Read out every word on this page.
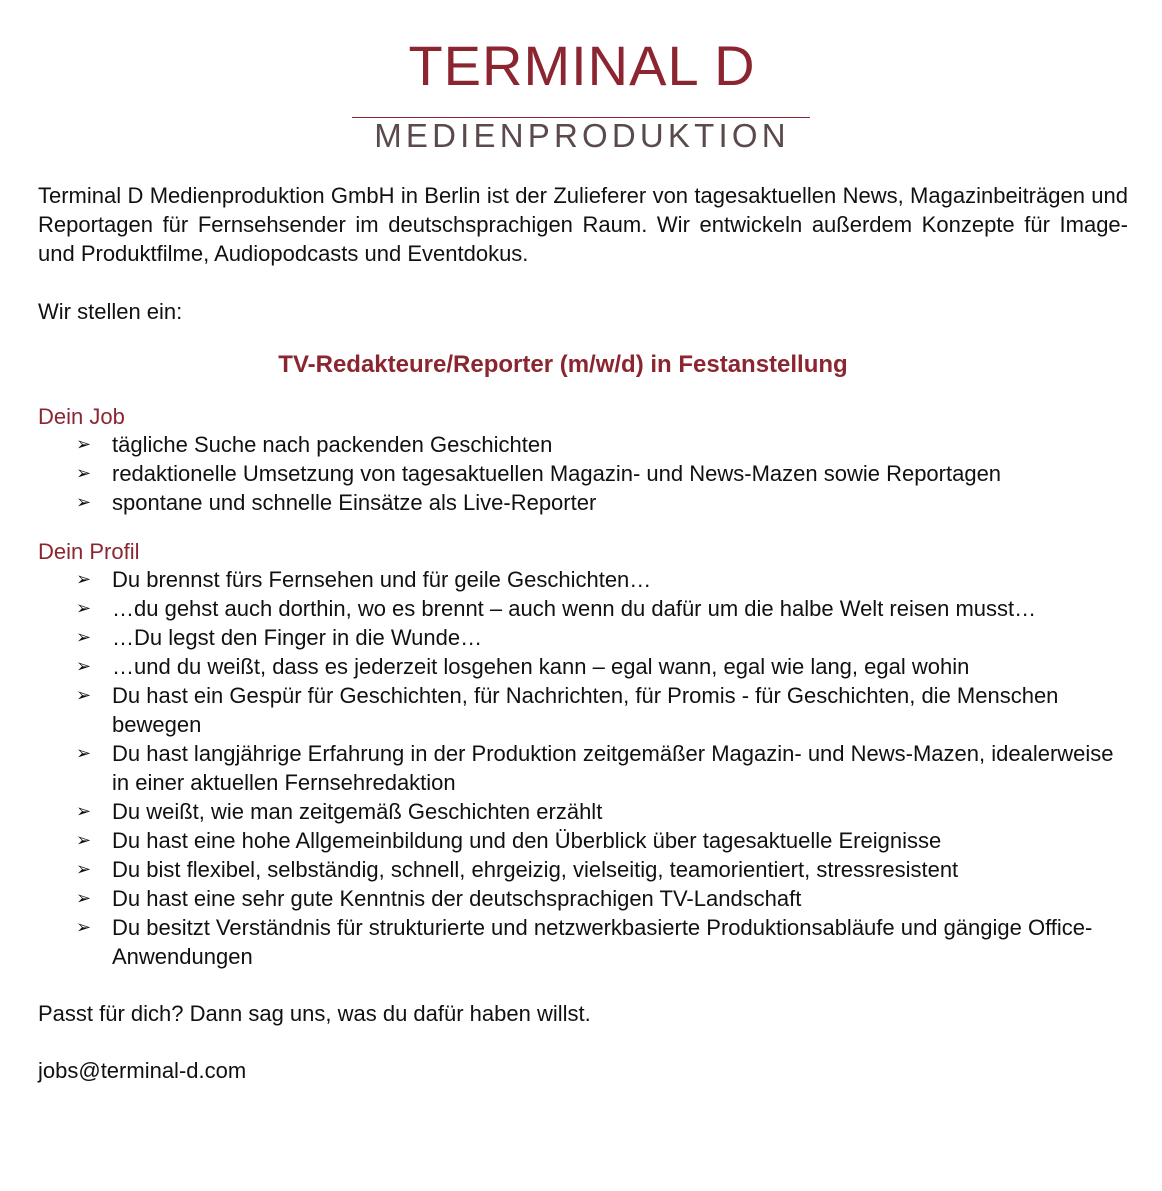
TERMINAL D
MEDIENPRODUKTION

Terminal D Medienproduktion GmbH in Berlin ist der Zulieferer von tagesaktuellen News, Magazinbeiträgen und Reportagen für Fernsehsender im deutschsprachigen Raum. Wir entwickeln außerdem Konzepte für Image- und Produktfilme, Audiopodcasts und Eventdokus.

Wir stellen ein:

TV-Redakteure/Reporter (m/w/d) in Festanstellung
Dein Job
➢ tägliche Suche nach packenden Geschichten
➢ redaktionelle Umsetzung von tagesaktuellen Magazin- und News-Mazen sowie Reportagen
➢ spontane und schnelle Einsätze als Live-Reporter
Dein Profil
➢ Du brennst fürs Fernsehen und für geile Geschichten…
➢ …du gehst auch dorthin, wo es brennt – auch wenn du dafür um die halbe Welt reisen musst…
➢ …Du legst den Finger in die Wunde…
➢ …und du weißt, dass es jederzeit losgehen kann – egal wann, egal wie lang, egal wohin
➢ Du hast ein Gespür für Geschichten, für Nachrichten, für Promis - für Geschichten, die Menschen bewegen
➢ Du hast langjährige Erfahrung in der Produktion zeitgemäßer Magazin- und News-Mazen, idealerweise in einer aktuellen Fernsehredaktion
➢ Du weißt, wie man zeitgemäß Geschichten erzählt
➢ Du hast eine hohe Allgemeinbildung und den Überblick über tagesaktuelle Ereignisse
➢ Du bist flexibel, selbständig, schnell, ehrgeizig, vielseitig, teamorientiert, stressresistent
➢ Du hast eine sehr gute Kenntnis der deutschsprachigen TV-Landschaft
➢ Du besitzt Verständnis für strukturierte und netzwerkbasierte Produktionsabläufe und gängige Office-Anwendungen

Passt für dich? Dann sag uns, was du dafür haben willst.

jobs@terminal-d.com
